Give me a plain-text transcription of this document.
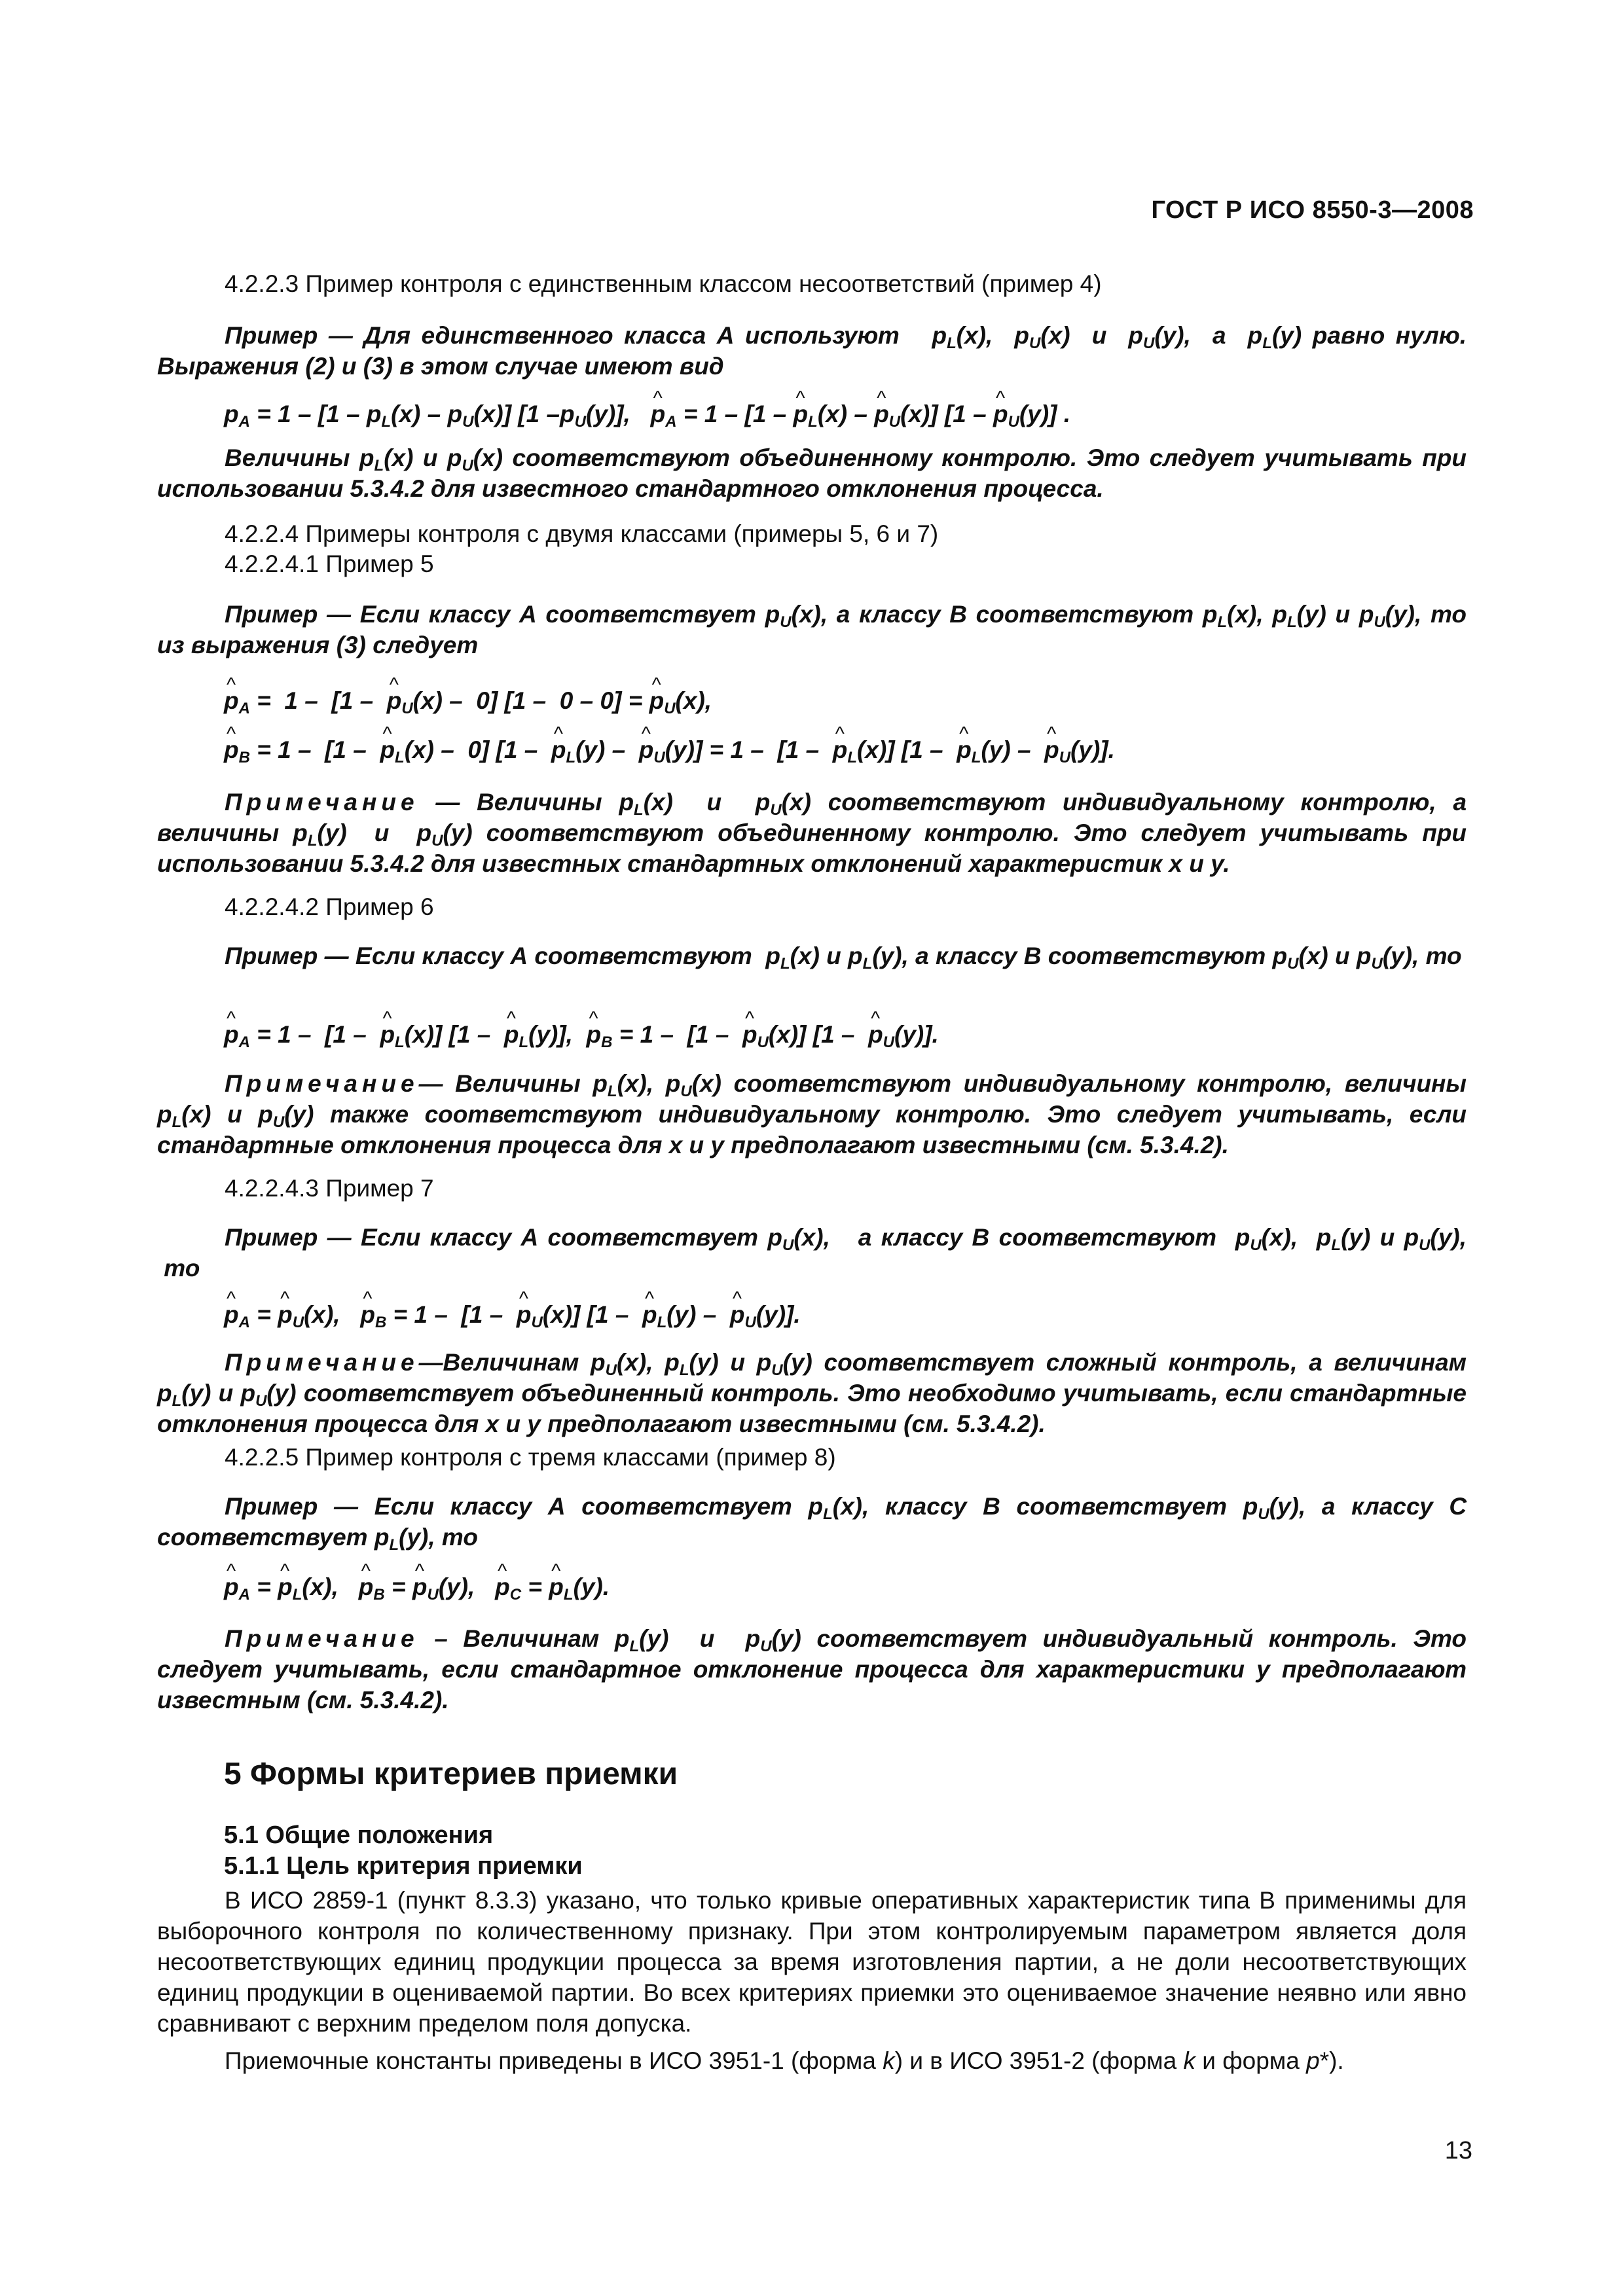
ГОСТ Р ИСО 8550-3—2008
4.2.2.3 Пример контроля с единственным классом несоответствий (пример 4)
Пример — Для единственного класса А используют   $p_L(x)$,  $p_U(x)$  и  $p_U(y)$,  а  $p_L(y)$ равно нулю. Выражения (2) и (3) в этом случае имеют вид
$p_A = 1 - [1 - p_L(x) - p_U(x)]$ [1 $-p_U(y)$],   ^ $p_A = 1 - [1$ – ^ $p_L(x)$ – ^ $p_U(x)$] [1 – ^ $p_U(y)$] .
Величины $p_L(x)$ и $p_U(x)$ соответствуют объединенному контролю. Это следует учитывать при использовании 5.3.4.2 для известного стандартного отклонения процесса.
4.2.2.4 Примеры контроля с двумя классами (примеры 5, 6 и 7)
4.2.2.4.1 Пример 5
Пример — Если классу А соответствует $p_U(x)$, а классу В соответствуют $p_L(x)$, $p_L(y)$ и $p_U(y)$, то из выражения (3) следует
^ $p_A = 1 - [1$ –  ^ $p_U(x) - 0$] [1 –  0 – 0] = ^ $p_U(x)$,
^ $p_B = 1 - [1$ –  ^ $p_L(x) - 0$] [1 –  ^ $p_L(y)$ –  ^ $p_U(y)] = 1 - [1$ –  ^ $p_L(x)$] [1 –  ^ $p_L(y)$ –  ^ $p_U(y)$].
Примечание — Величины $p_L(x)$  и  $p_U(x)$ соответствуют индивидуальному контролю, а величины $p_L(y)$  и  $p_U(y)$ соответствуют объединенному контролю. Это следует учитывать при использовании 5.3.4.2 для известных стандартных отклонений характеристик x и y.
4.2.2.4.2 Пример 6
Пример — Если классу А соответствуют  $p_L(x)$ и $p_L(y)$, а классу В соответствуют $p_U(x)$ и $p_U(y)$, то
^ $p_A = 1 - [1$ –  ^ $p_L(x)$] [1 –  ^ $p_L(y)$],  ^ $p_B = 1 - [1$ –  ^ $p_U(x)$] [1 –  ^ $p_U(y)$].
Примечание— Величины $p_L(x)$, $p_U(x)$ соответствуют индивидуальному контролю, величины $p_L(x)$ и $p_U(y)$ также соответствуют индивидуальному контролю. Это следует учитывать, если стандартные отклонения процесса для x и y предполагают известными (см. 5.3.4.2).
4.2.2.4.3 Пример 7
Пример — Если классу А соответствует $p_U(x)$,   а классу В соответствуют  $p_U(x)$,  $p_L(y)$ и $p_U(y)$,  то
^ $p_A$ = ^ $p_U(x)$,   ^ $p_B = 1 - [1$ –  ^ $p_U(x)$] [1 –  ^ $p_L(y)$ –  ^ $p_U(y)$].
Примечание—Величинам $p_U(x)$, $p_L(y)$ и $p_U(y)$ соответствует сложный контроль, а величинам $p_L(y)$ и $p_U(y)$ соответствует объединенный контроль. Это необходимо учитывать, если стандартные отклонения процесса для x и y предполагают известными (см. 5.3.4.2).
4.2.2.5 Пример контроля с тремя классами (пример 8)
Пример — Если классу А соответствует $p_L(x)$, классу В соответствует $p_U(y)$, а классу С соответствует $p_L(y)$, то
^ $p_A$ = ^ $p_L(x)$,   ^ $p_B$ = ^ $p_U(y)$,   ^ $p_C$ = ^ $p_L(y)$.
Примечание – Величинам $p_L(y)$  и  $p_U(y)$ соответствует индивидуальный контроль. Это следует учитывать, если стандартное отклонение процесса для характеристики y предполагают известным (см. 5.3.4.2).
5 Формы критериев приемки
5.1 Общие положения
5.1.1 Цель критерия приемки
В ИСО 2859-1 (пункт 8.3.3) указано, что только кривые оперативных характеристик типа В применимы для выборочного контроля по количественному признаку. При этом контролируемым параметром является доля несоответствующих единиц продукции процесса за время изготовления партии, а не доли несоответствующих единиц продукции в оцениваемой партии. Во всех критериях приемки это оцениваемое значение неявно или явно сравнивают с верхним пределом поля допуска.
Приемочные константы приведены в ИСО 3951-1 (форма k) и в ИСО 3951-2 (форма k и форма p*).
13
